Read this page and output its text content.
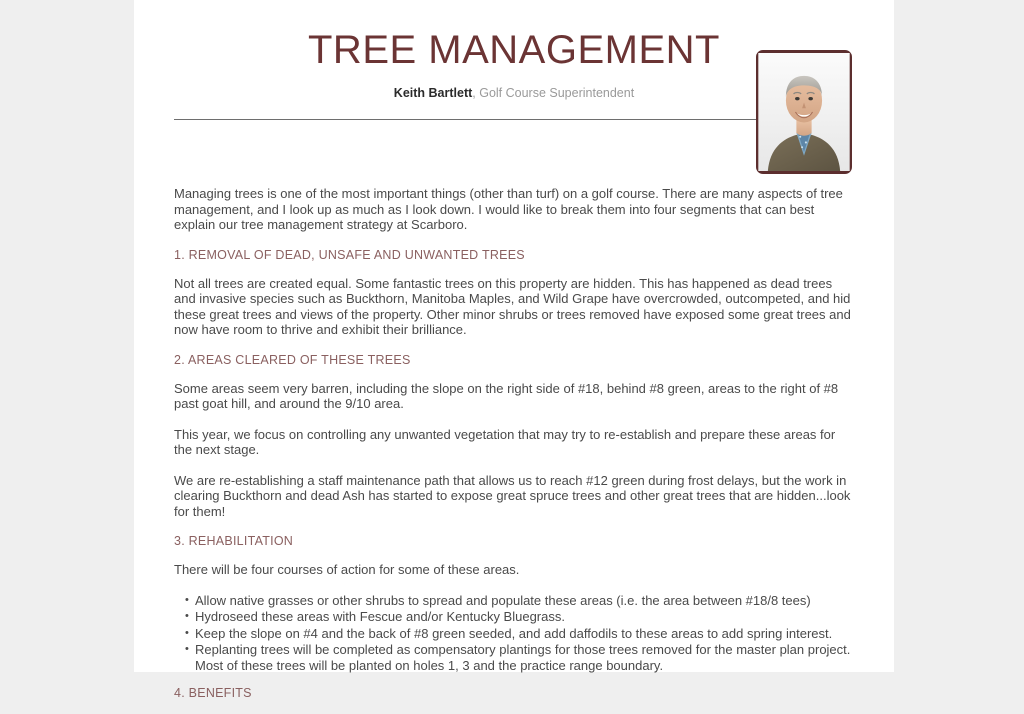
TREE MANAGEMENT
Keith Bartlett, Golf Course Superintendent

Managing trees is one of the most important things (other than turf) on a golf course. There are many aspects of tree management, and I look up as much as I look down. I would like to break them into four segments that can best explain our tree management strategy at Scarboro.

1. REMOVAL OF DEAD, UNSAFE AND UNWANTED TREES

Not all trees are created equal. Some fantastic trees on this property are hidden. This has happened as dead trees and invasive species such as Buckthorn, Manitoba Maples, and Wild Grape have overcrowded, outcompeted, and hid these great trees and views of the property. Other minor shrubs or trees removed have exposed some great trees and now have room to thrive and exhibit their brilliance.

2. AREAS CLEARED OF THESE TREES

Some areas seem very barren, including the slope on the right side of #18, behind #8 green, areas to the right of #8 past goat hill, and around the 9/10 area.

This year, we focus on controlling any unwanted vegetation that may try to re-establish and prepare these areas for the next stage.

We are re-establishing a staff maintenance path that allows us to reach #12 green during frost delays, but the work in clearing Buckthorn and dead Ash has started to expose great spruce trees and other great trees that are hidden...look for them!

3. REHABILITATION

There will be four courses of action for some of these areas.

• Allow native grasses or other shrubs to spread and populate these areas (i.e. the area between #18/8 tees)
• Hydroseed these areas with Fescue and/or Kentucky Bluegrass.
• Keep the slope on #4 and the back of #8 green seeded, and add daffodils to these areas to add spring interest.
• Replanting trees will be completed as compensatory plantings for those trees removed for the master plan project. Most of these trees will be planted on holes 1, 3 and the practice range boundary.
4. BENEFITS
